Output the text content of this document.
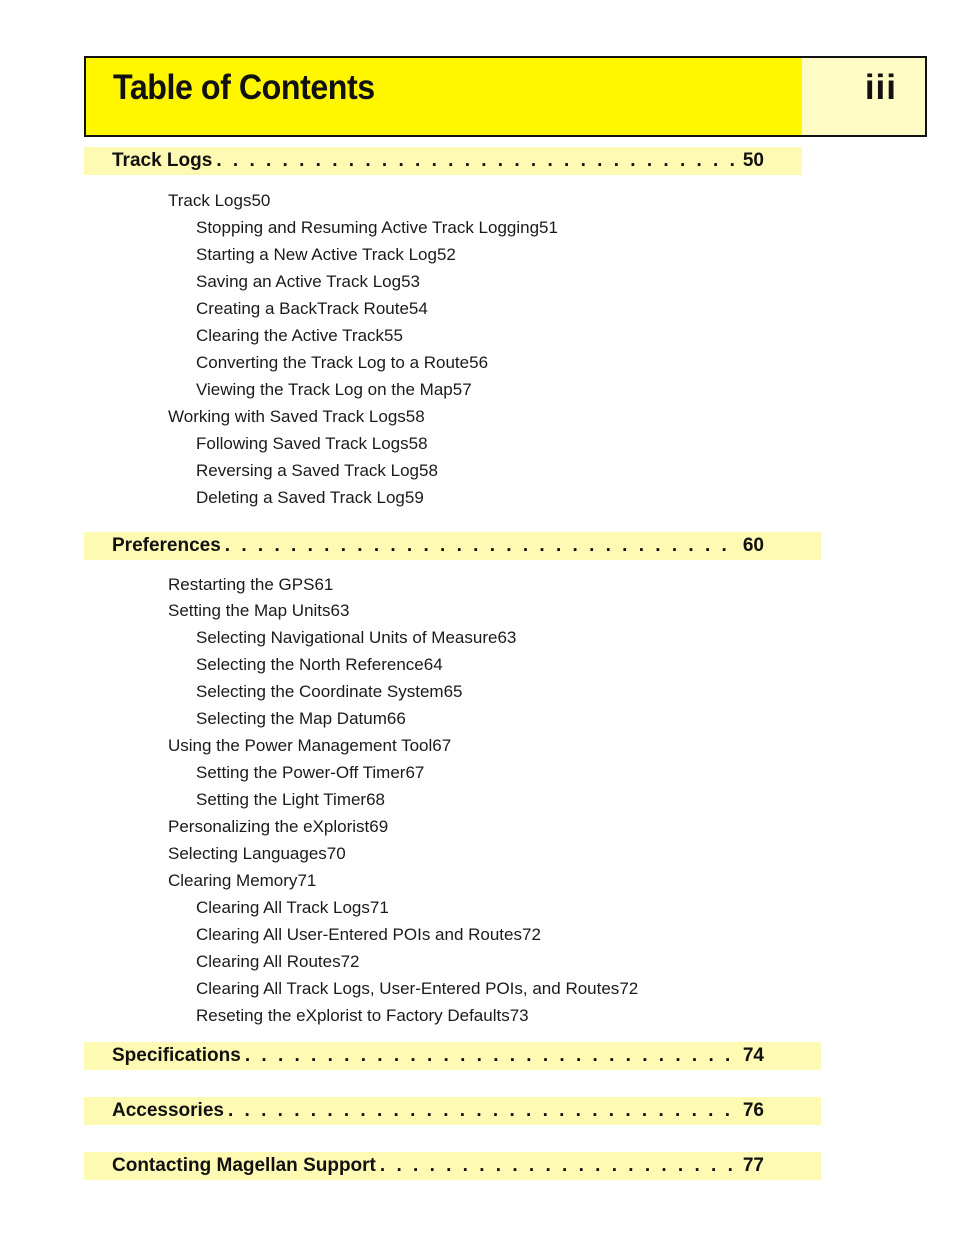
Table of Contents	iii
Track Logs . . .	50
Track Logs 50
Stopping and Resuming Active Track Logging 51
Starting a New Active Track Log 52
Saving an Active Track Log 53
Creating a BackTrack Route 54
Clearing the Active Track 55
Converting the Track Log to a Route 56
Viewing the Track Log on the Map 57
Working with Saved Track Logs 58
Following Saved Track Logs 58
Reversing a Saved Track Log 58
Deleting a Saved Track Log 59
Preferences . . .	60
Restarting the GPS 61
Setting the Map Units 63
Selecting Navigational Units of Measure 63
Selecting the North Reference 64
Selecting the Coordinate System 65
Selecting the Map Datum 66
Using the Power Management Tool 67
Setting the Power-Off Timer 67
Setting the Light Timer 68
Personalizing the eXplorist 69
Selecting Languages 70
Clearing Memory 71
Clearing All Track Logs 71
Clearing All User-Entered POIs and Routes 72
Clearing All Routes 72
Clearing All Track Logs, User-Entered POIs, and Routes 72
Reseting the eXplorist to Factory Defaults 73
Specifications . . .	74
Accessories . . .	76
Contacting Magellan Support . . .	77
